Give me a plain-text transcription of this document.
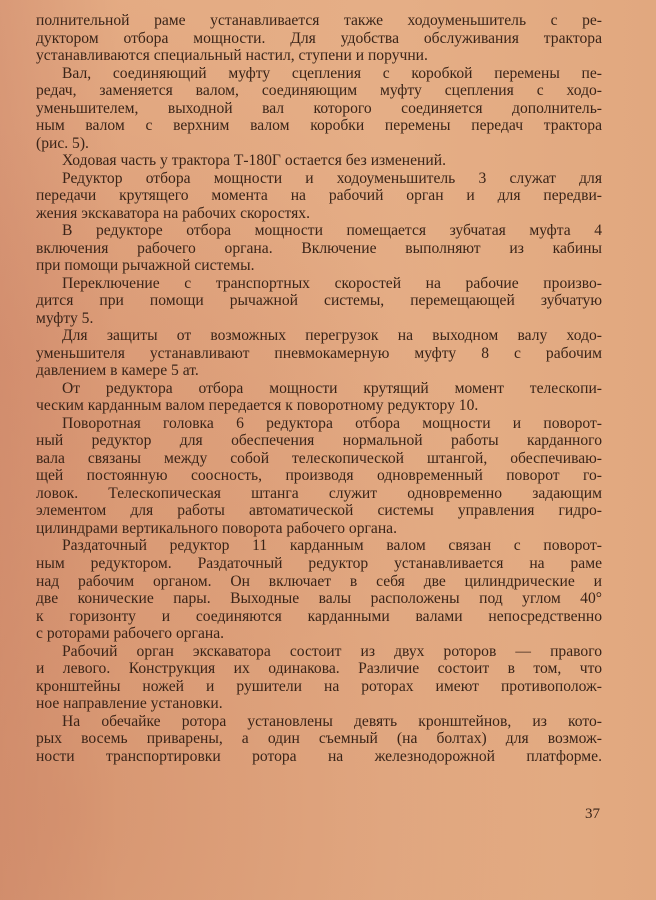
полнительной раме устанавливается также ходоуменьшитель с ре-
дуктором отбора мощности. Для удобства обслуживания трактора
устанавливаются специальный настил, ступени и поручни.
Вал, соединяющий муфту сцепления с коробкой перемены пе-
редач, заменяется валом, соединяющим муфту сцепления с ходо-
уменьшителем, выходной вал которого соединяется дополнитель-
ным валом с верхним валом коробки перемены передач трактора
(рис. 5).
Ходовая часть у трактора Т-180Г остается без изменений.
Редуктор отбора мощности и ходоуменьшитель 3 служат для
передачи крутящего момента на рабочий орган и для передви-
жения экскаватора на рабочих скоростях.
В редукторе отбора мощности помещается зубчатая муфта 4
включения рабочего органа. Включение выполняют из кабины
при помощи рычажной системы.
Переключение с транспортных скоростей на рабочие произво-
дится при помощи рычажной системы, перемещающей зубчатую
муфту 5.
Для защиты от возможных перегрузок на выходном валу ходо-
уменьшителя устанавливают пневмокамерную муфту 8 с рабочим
давлением в камере 5 ат.
От редуктора отбора мощности крутящий момент телескопи-
ческим карданным валом передается к поворотному редуктору 10.
Поворотная головка 6 редуктора отбора мощности и поворот-
ный редуктор для обеспечения нормальной работы карданного
вала связаны между собой телескопической штангой, обеспечиваю-
щей постоянную соосность, производя одновременный поворот го-
ловок. Телескопическая штанга служит одновременно задающим
элементом для работы автоматической системы управления гидро-
цилиндрами вертикального поворота рабочего органа.
Раздаточный редуктор 11 карданным валом связан с поворот-
ным редуктором. Раздаточный редуктор устанавливается на раме
над рабочим органом. Он включает в себя две цилиндрические и
две конические пары. Выходные валы расположены под углом 40°
к горизонту и соединяются карданными валами непосредственно
с роторами рабочего органа.
Рабочий орган экскаватора состоит из двух роторов — правого
и левого. Конструкция их одинакова. Различие состоит в том, что
кронштейны ножей и рушители на роторах имеют противополож-
ное направление установки.
На обечайке ротора установлены девять кронштейнов, из кото-
рых восемь приварены, а один съемный (на болтах) для возмож-
ности транспортировки ротора на железнодорожной платформе.
37
